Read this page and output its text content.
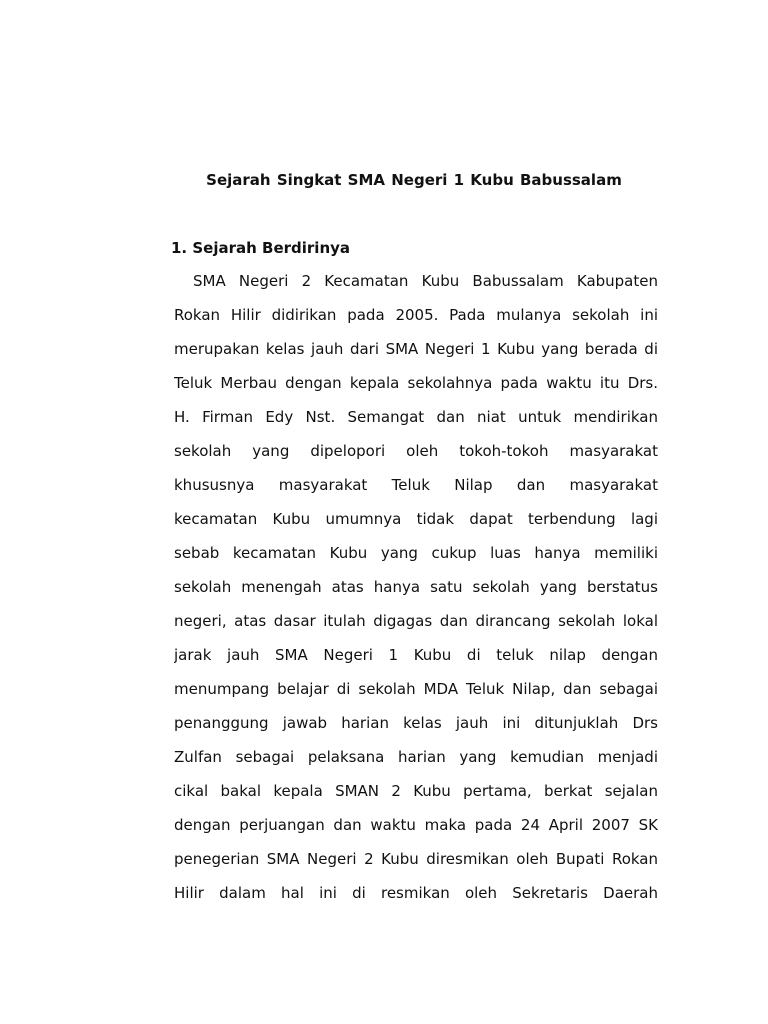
Sejarah Singkat SMA Negeri 1 Kubu Babussalam
1. Sejarah Berdirinya
SMA Negeri 2 Kecamatan Kubu Babussalam Kabupaten
Rokan Hilir didirikan pada 2005. Pada mulanya sekolah ini
merupakan kelas jauh dari SMA Negeri 1 Kubu yang berada di
Teluk Merbau dengan kepala sekolahnya pada waktu itu Drs.
H. Firman Edy Nst. Semangat dan niat untuk mendirikan
sekolah yang dipelopori oleh tokoh-tokoh masyarakat
khususnya masyarakat Teluk Nilap dan masyarakat
kecamatan Kubu umumnya tidak dapat terbendung lagi
sebab kecamatan Kubu yang cukup luas hanya memiliki
sekolah menengah atas hanya satu sekolah yang berstatus
negeri, atas dasar itulah digagas dan dirancang sekolah lokal
jarak jauh SMA Negeri 1 Kubu di teluk nilap dengan
menumpang belajar di sekolah MDA Teluk Nilap, dan sebagai
penanggung jawab harian kelas jauh ini ditunjuklah Drs
Zulfan sebagai pelaksana harian yang kemudian menjadi
cikal bakal kepala SMAN 2 Kubu pertama, berkat sejalan
dengan perjuangan dan waktu maka pada 24 April 2007 SK
penegerian SMA Negeri 2 Kubu diresmikan oleh Bupati Rokan
Hilir dalam hal ini di resmikan oleh Sekretaris Daerah
